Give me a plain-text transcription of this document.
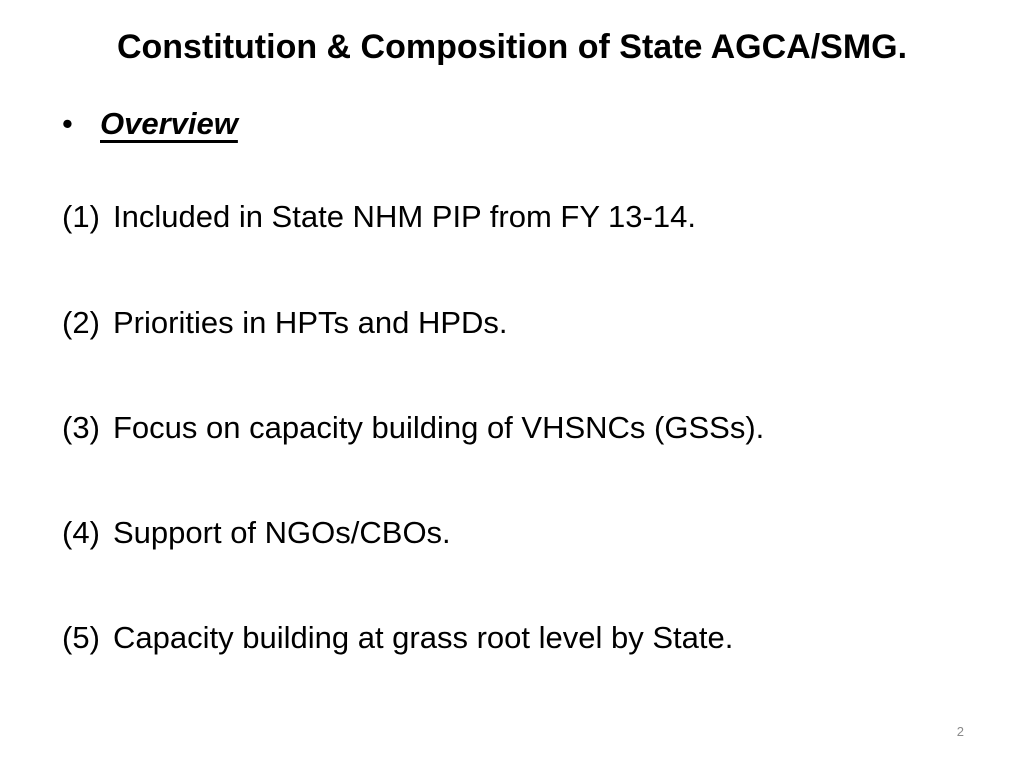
Constitution & Composition of State AGCA/SMG.
• Overview
(1) Included in State NHM PIP from FY 13-14.
(2) Priorities in HPTs and HPDs.
(3) Focus on capacity building of VHSNCs (GSSs).
(4) Support of NGOs/CBOs.
(5) Capacity building at grass root level by State.
2
